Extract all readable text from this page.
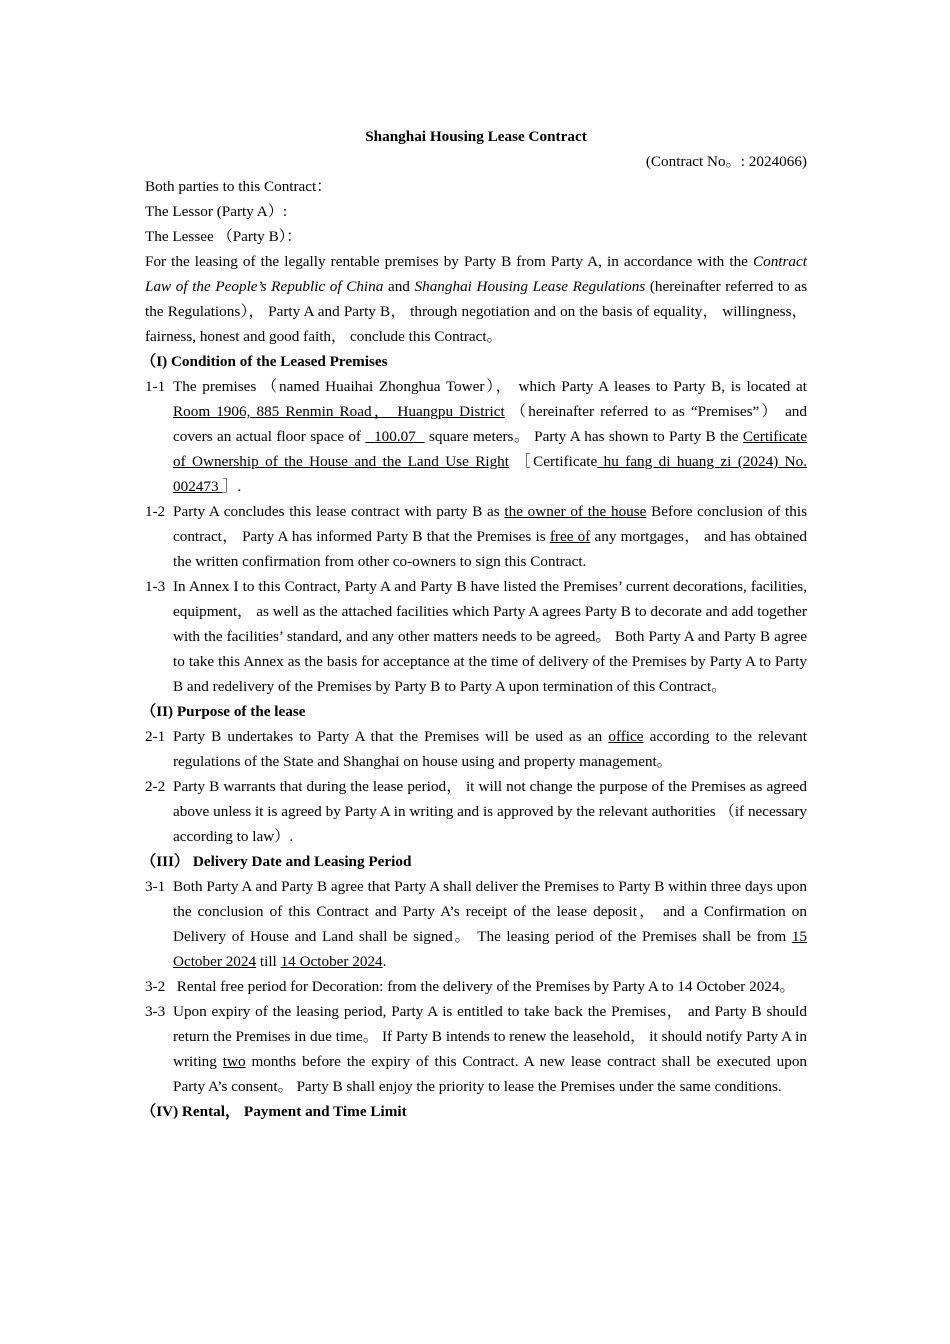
Shanghai Housing Lease Contract

(Contract No。: 2024066)

Both parties to this Contract：

The Lessor (Party A）:

The Lessee （Party B）：

For the leasing of the legally rentable premises by Party B from Party A, in accordance with the Contract Law of the People’s Republic of China and Shanghai Housing Lease Regulations (hereinafter referred to as the Regulations）， Party A and Party B， through negotiation and on the basis of equality， willingness， fairness, honest and good faith， conclude this Contract。

（I) Condition of the Leased Premises

1-1 The premises （named Huaihai Zhonghua Tower）， which Party A leases to Party B, is located at Room 1906, 885 Renmin Road， Huangpu District （hereinafter referred to as “Premises”） and covers an actual floor space of   100.07   square meters。 Party A has shown to Party B the Certificate of Ownership of the House and the Land Use Right ［Certificate hu fang di huang zi (2024) No. 002473 ］.
1-2 Party A concludes this lease contract with party B as the owner of the house Before conclusion of this contract， Party A has informed Party B that the Premises is free of any mortgages， and has obtained the written confirmation from other co-owners to sign this Contract.
1-3 In Annex I to this Contract, Party A and Party B have listed the Premises’ current decorations, facilities, equipment， as well as the attached facilities which Party A agrees Party B to decorate and add together with the facilities’ standard, and any other matters needs to be agreed。 Both Party A and Party B agree to take this Annex as the basis for acceptance at the time of delivery of the Premises by Party A to Party B and redelivery of the Premises by Party B to Party A upon termination of this Contract。

（II) Purpose of the lease

2-1 Party B undertakes to Party A that the Premises will be used as an office according to the relevant regulations of the State and Shanghai on house using and property management。
2-2 Party B warrants that during the lease period， it will not change the purpose of the Premises as agreed above unless it is agreed by Party A in writing and is approved by the relevant authorities （if necessary according to law）.

（III） Delivery Date and Leasing Period

3-1 Both Party A and Party B agree that Party A shall deliver the Premises to Party B within three days upon the conclusion of this Contract and Party A’s receipt of the lease deposit， and a Confirmation on Delivery of House and Land shall be signed。 The leasing period of the Premises shall be from 15 October 2024 till 14 October 2024.
3-2 Rental free period for Decoration: from the delivery of the Premises by Party A to 14 October 2024。
3-3 Upon expiry of the leasing period, Party A is entitled to take back the Premises， and Party B should return the Premises in due time。 If Party B intends to renew the leasehold， it should notify Party A in writing two months before the expiry of this Contract. A new lease contract shall be executed upon Party A’s consent。 Party B shall enjoy the priority to lease the Premises under the same conditions.

（IV) Rental， Payment and Time Limit
